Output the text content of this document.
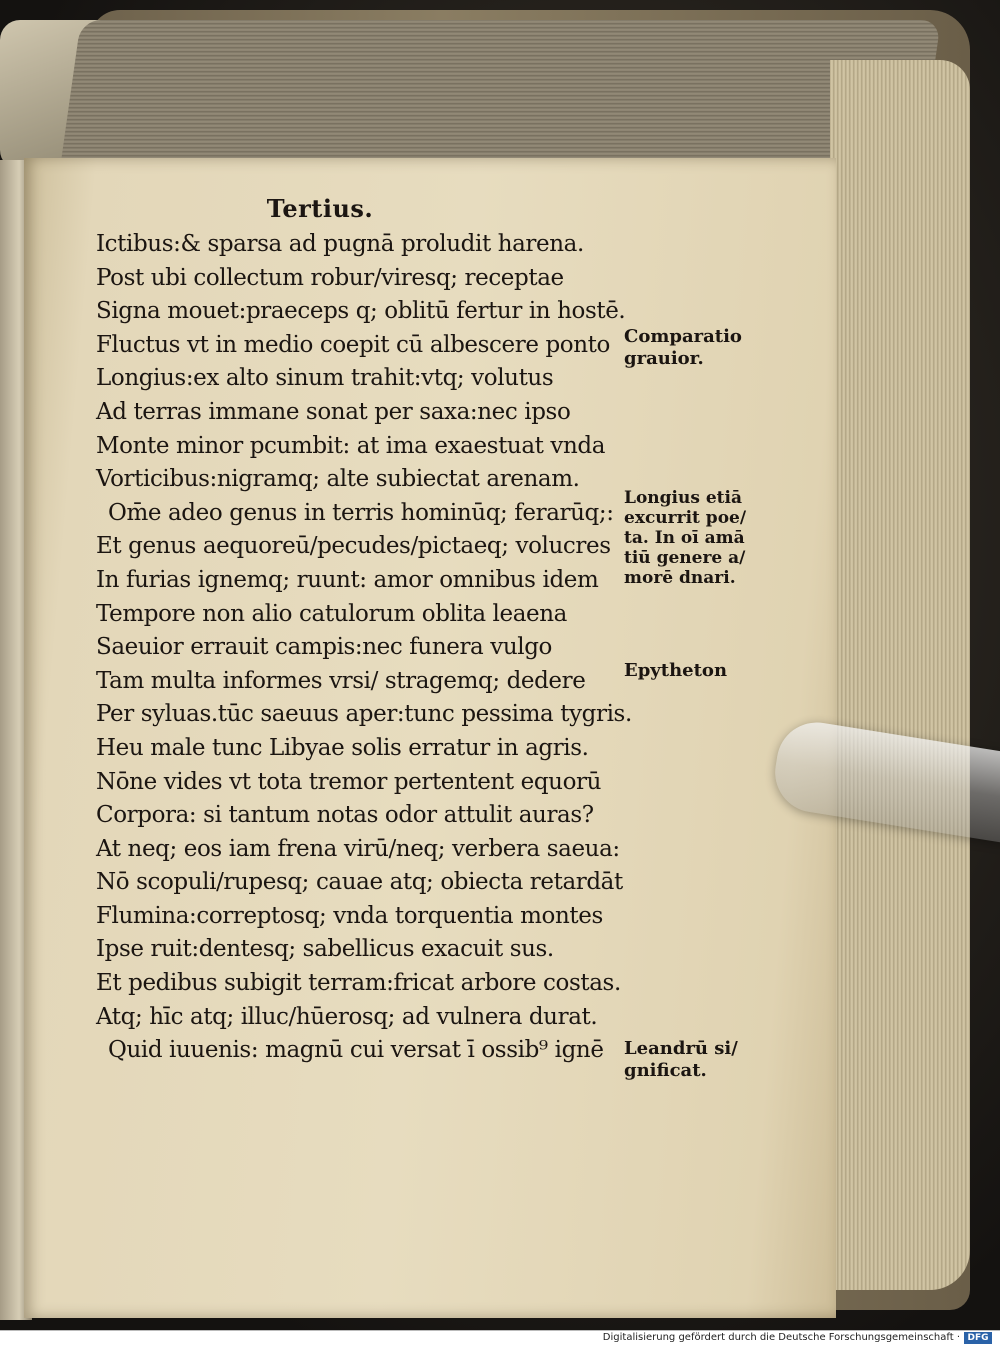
Tertius.
Ictibus:& sparsa ad pugnā proludit harena.
Post ubi collectum robur/viresq; receptae
Signa mouet:praeceps q; oblitū fertur in hostē.
Fluctus vt in medio coepit cū albescere ponto
Longius:ex alto sinum trahit:vtq; volutus
Ad terras immane sonat per saxa:nec ipso
Monte minor pcumbit: at ima exaestuat vnda
Vorticibus:nigramq; alte subiectat arenam.
Om̄e adeo genus in terris hominūq; ferarūq;:
Et genus aequoreū/pecudes/pictaeq; volucres
In furias ignemq; ruunt: amor omnibus idem
Tempore non alio catulorum oblita leaena
Saeuior errauit campis:nec funera vulgo
Tam multa informes vrsi/ stragemq; dedere
Per syluas.tūc saeuus aper:tunc pessima tygris.
Heu male tunc Libyae solis erratur in agris.
Nōne vides vt tota tremor pertentent equorū
Corpora: si tantum notas odor attulit auras?
At neq; eos iam frena virū/neq; verbera saeua:
Nō scopuli/rupesq; cauae atq; obiecta retardāt
Flumina:correptosq; vnda torquentia montes
Ipse ruit:dentesq; sabellicus exacuit sus.
Et pedibus subigit terram:fricat arbore costas.
Atq; hīc atq; illuc/hūerosq; ad vulnera durat.
Quid iuuenis: magnū cui versat ī ossib⁹ ignē
Comparatio
grauior.
Longius etiā
excurrit poe/
ta. In oī amā
tiū genere a/
morē dnari.
Epytheton
Leandrū si/
gnificat.
Digitalisierung gefördert durch die Deutsche Forschungsgemeinschaft · DFG
